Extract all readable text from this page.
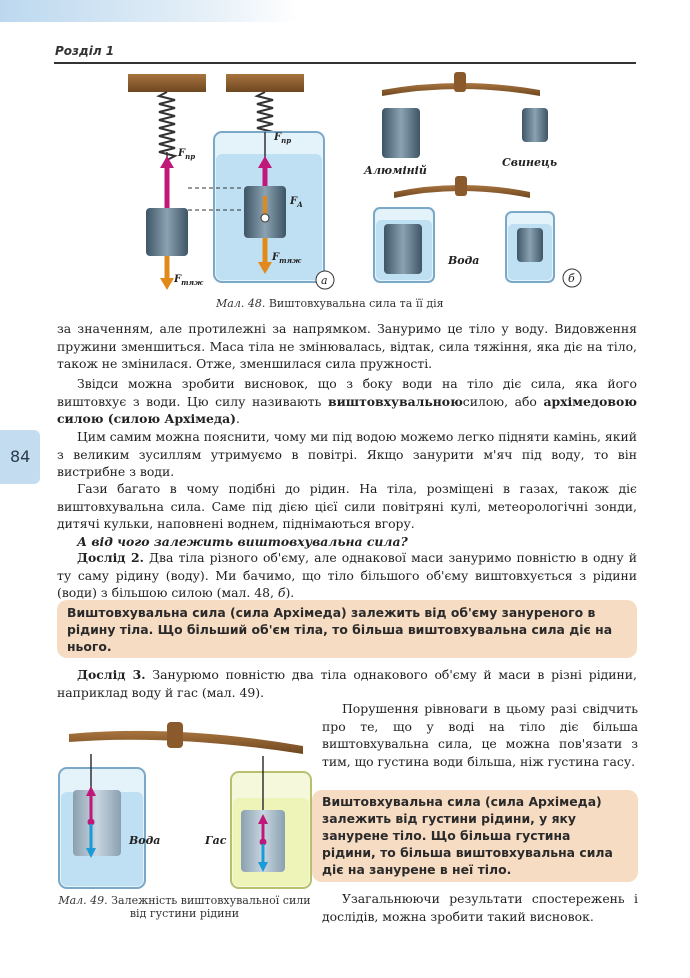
Розділ 1
84
$F_{пр}$
$F_{пр}$
$F_А$
$F_{тяж}$
$F_{тяж}$
а
Алюміній
Свинець
Вода
б
Мал. 48. Виштовхувальна сила та її дія
за значенням, але протилежні за напрямком. Зануримо це тіло у воду. Видовження пружини зменшиться. Маса тіла не змінювалась, відтак, сила тяжіння, яка діє на тіло, також не змінилася. Отже, зменшилася сила пружності.
Звідси можна зробити висновок, що з боку води на тіло діє сила, яка його виштовхує з води. Цю силу називають виштовхувальноюсилою, або архімедовою силою (силою Архімеда).
Цим самим можна пояснити, чому ми під водою можемо легко підняти камінь, який з великим зусиллям утримуємо в повітрі. Якщо занурити м'яч під воду, то він вистрибне з води.
Гази багато в чому подібні до рідин. На тіла, розміщені в газах, також діє виштовхувальна сила. Саме під дією цієї сили повітряні кулі, метеорологічні зонди, дитячі кульки, наповнені воднем, піднімаються вгору.
А від чого залежить виштовхувальна сила?
Дослід 2. Два тіла різного об'єму, але однакової маси зануримо повністю в одну й ту саму рідину (воду). Ми бачимо, що тіло більшого об'єму виштовхується з рідини (води) з більшою силою (мал. 48, б).
Виштовхувальна сила (сила Архімеда) залежить від об'єму зануреного в рідину тіла. Що більший об'єм тіла, то більша виштовхувальна сила діє на нього.
Дослід 3. Занурюмо повністю два тіла однакового об'єму й маси в різні рідини, наприклад воду й гас (мал. 49).
Вода	Гас
Мал. 49. Залежність виштовхувальної сили від густини рідини
Порушення рівноваги в цьому разі свідчить про те, що у воді на тіло діє більша виштовхувальна сила, це можна пов'язати з тим, що густина води більша, ніж густина гасу.
Виштовхувальна сила (сила Архімеда) залежить від густини рідини, у яку занурене тіло. Що більша густина рідини, то більша виштовхувальна сила діє на занурене в неї тіло.
Узагальнюючи результати спостережень і дослідів, можна зробити такий висновок.
